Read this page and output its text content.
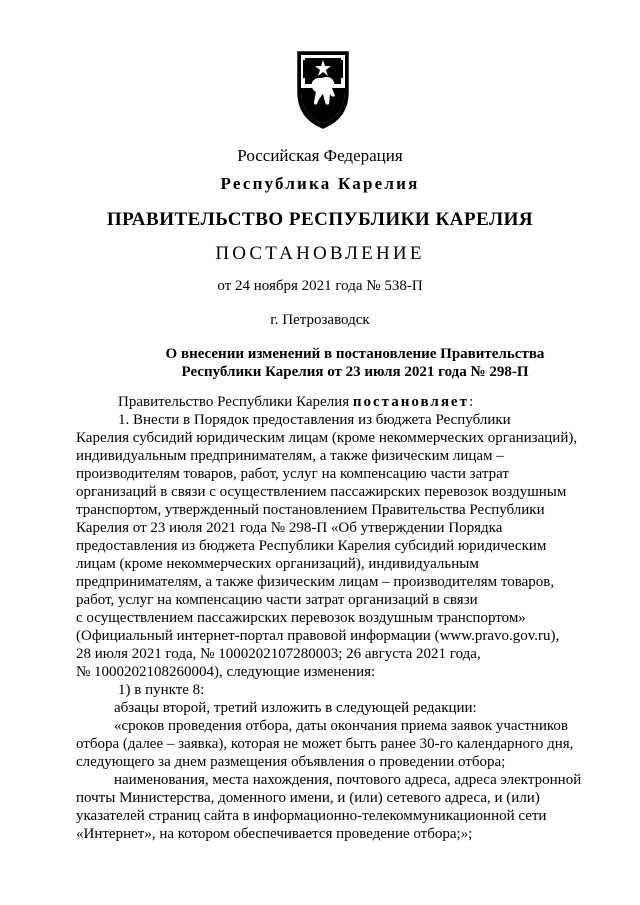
Российская Федерация
Республика Карелия
ПРАВИТЕЛЬСТВО РЕСПУБЛИКИ КАРЕЛИЯ
ПОСТАНОВЛЕНИЕ
от 24 ноября 2021 года № 538-П
г. Петрозаводск
О внесении изменений в постановление Правительства
Республики Карелия от 23 июля 2021 года № 298-П
Правительство Республики Карелия постановляет:
1. Внести в Порядок предоставления из бюджета Республики
Карелия субсидий юридическим лицам (кроме некоммерческих организаций),
индивидуальным предпринимателям, а также физическим лицам –
производителям товаров, работ, услуг на компенсацию части затрат
организаций в связи с осуществлением пассажирских перевозок воздушным
транспортом, утвержденный постановлением Правительства Республики
Карелия от 23 июля 2021 года № 298-П «Об утверждении Порядка
предоставления из бюджета Республики Карелия субсидий юридическим
лицам (кроме некоммерческих организаций), индивидуальным
предпринимателям, а также физическим лицам – производителям товаров,
работ, услуг на компенсацию части затрат организаций в связи
с осуществлением пассажирских перевозок воздушным транспортом»
(Официальный интернет-портал правовой информации (www.pravo.gov.ru),
28 июля 2021 года, № 1000202107280003; 26 августа 2021 года,
№ 1000202108260004), следующие изменения:
1) в пункте 8:
абзацы второй, третий изложить в следующей редакции:
«сроков проведения отбора, даты окончания приема заявок участников
отбора (далее – заявка), которая не может быть ранее 30-го календарного дня,
следующего за днем размещения объявления о проведении отбора;
наименования, места нахождения, почтового адреса, адреса электронной
почты Министерства, доменного имени, и (или) сетевого адреса, и (или)
указателей страниц сайта в информационно-телекоммуникационной сети
«Интернет», на котором обеспечивается проведение отбора;»;
